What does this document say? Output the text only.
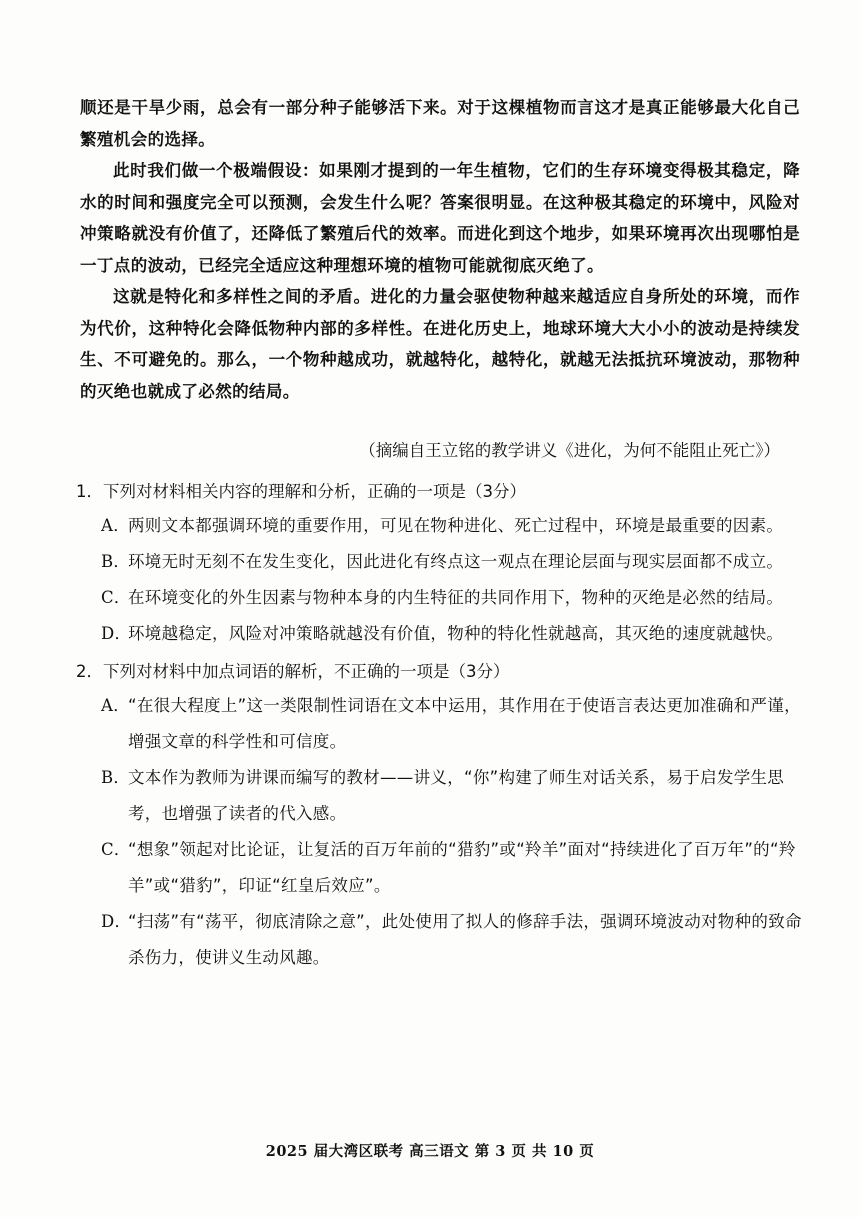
顺还是干旱少雨，总会有一部分种子能够活下来。对于这棵植物而言这才是真正能够最大化自己繁殖机会的选择。

此时我们做一个极端假设：如果刚才提到的一年生植物，它们的生存环境变得极其稳定，降水的时间和强度完全可以预测，会发生什么呢？答案很明显。在这种极其稳定的环境中，风险对冲策略就没有价值了，还降低了繁殖后代的效率。而进化到这个地步，如果环境再次出现哪怕是一丁点的波动，已经完全适应这种理想环境的植物可能就彻底灭绝了。

这就是特化和多样性之间的矛盾。进化的力量会驱使物种越来越适应自身所处的环境，而作为代价，这种特化会降低物种内部的多样性。在进化历史上，地球环境大大小小的波动是持续发生、不可避免的。那么，一个物种越成功，就越特化，越特化，就越无法抵抗环境波动，那物种的灭绝也就成了必然的结局。

（摘编自王立铭的教学讲义《进化，为何不能阻止死亡》）

1．下列对材料相关内容的理解和分析，正确的一项是（3分）

A．
两则文本都强调环境的重要作用，可见在物种进化、死亡过程中，环境是最重要的因素。

B．
环境无时无刻不在发生变化，因此进化有终点这一观点在理论层面与现实层面都不成立。

C．
在环境变化的外生因素与物种本身的内生特征的共同作用下，物种的灭绝是必然的结局。

D．
环境越稳定，风险对冲策略就越没有价值，物种的特化性就越高，其灭绝的速度就越快。

2．下列对材料中加点词语的解析，不正确的一项是（3分）

A．
“在很大程度上”这一类限制性词语在文本中运用，其作用在于使语言表达更加准确和严谨，增强文章的科学性和可信度。

B．
文本作为教师为讲课而编写的教材——讲义，“你”构建了师生对话关系，易于启发学生思考，也增强了读者的代入感。

C．
“想象”领起对比论证，让复活的百万年前的“猎豹”或“羚羊”面对“持续进化了百万年”的“羚羊”或“猎豹”，印证“红皇后效应”。

D．
“扫荡”有“荡平，彻底清除之意”，此处使用了拟人的修辞手法，强调环境波动对物种的致命杀伤力，使讲义生动风趣。

2025 届大湾区联考 高三语文 第 3 页 共 10 页
